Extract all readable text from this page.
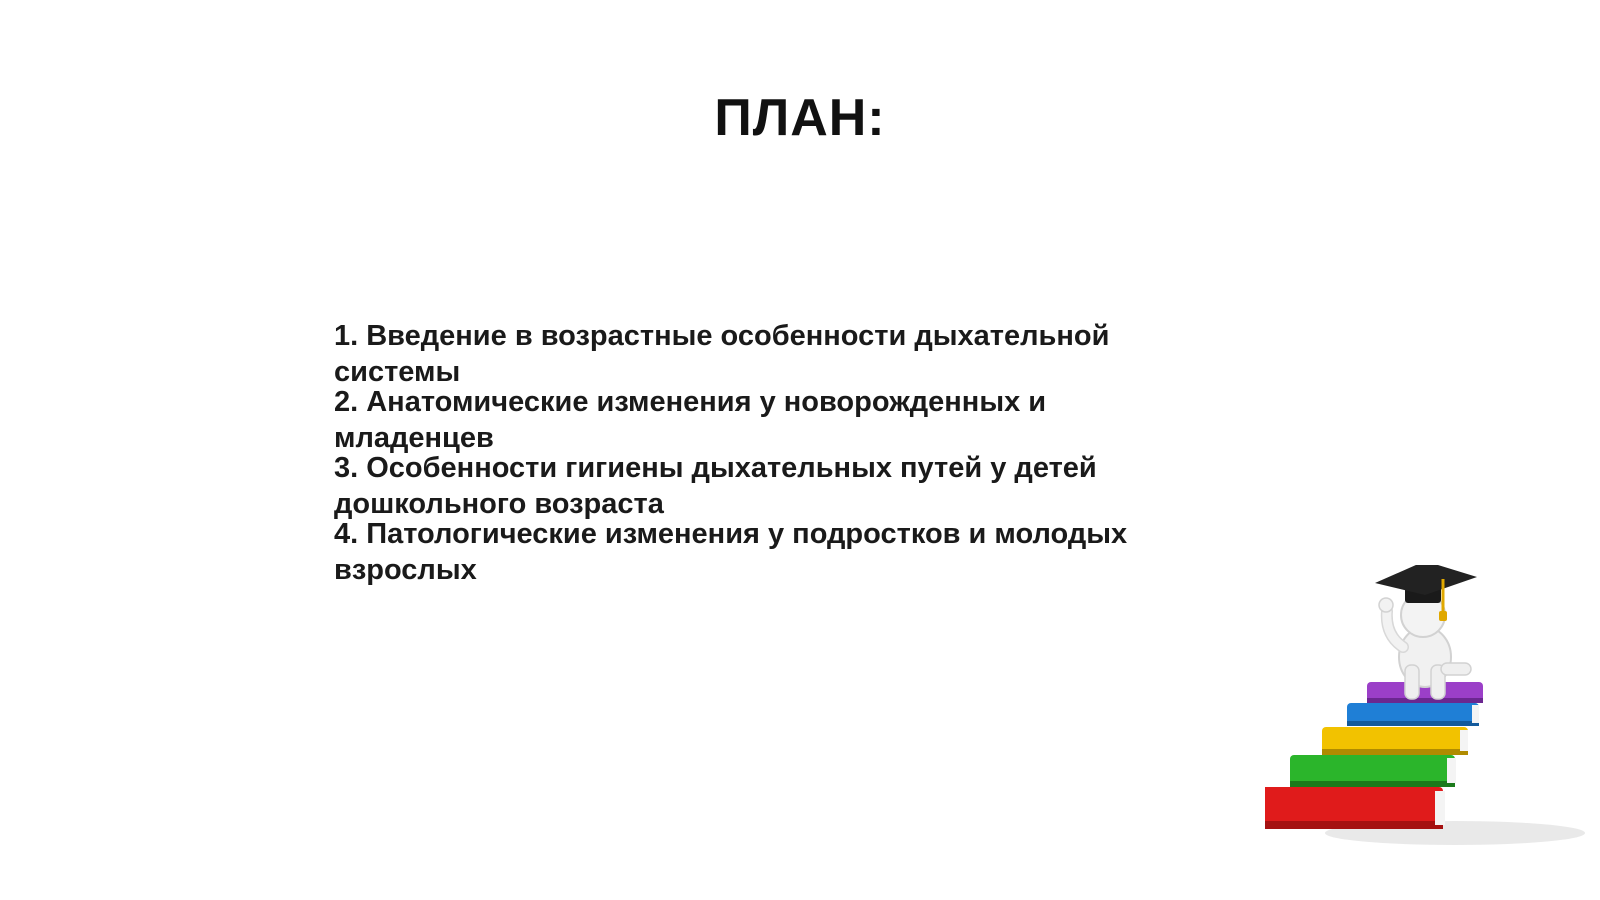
ПЛАН:
1. Введение в возрастные особенности дыхательной системы
2. Анатомические изменения у новорожденных и младенцев
3. Особенности гигиены дыхательных путей у детей дошкольного возраста
4. Патологические изменения у подростков и молодых взрослых
